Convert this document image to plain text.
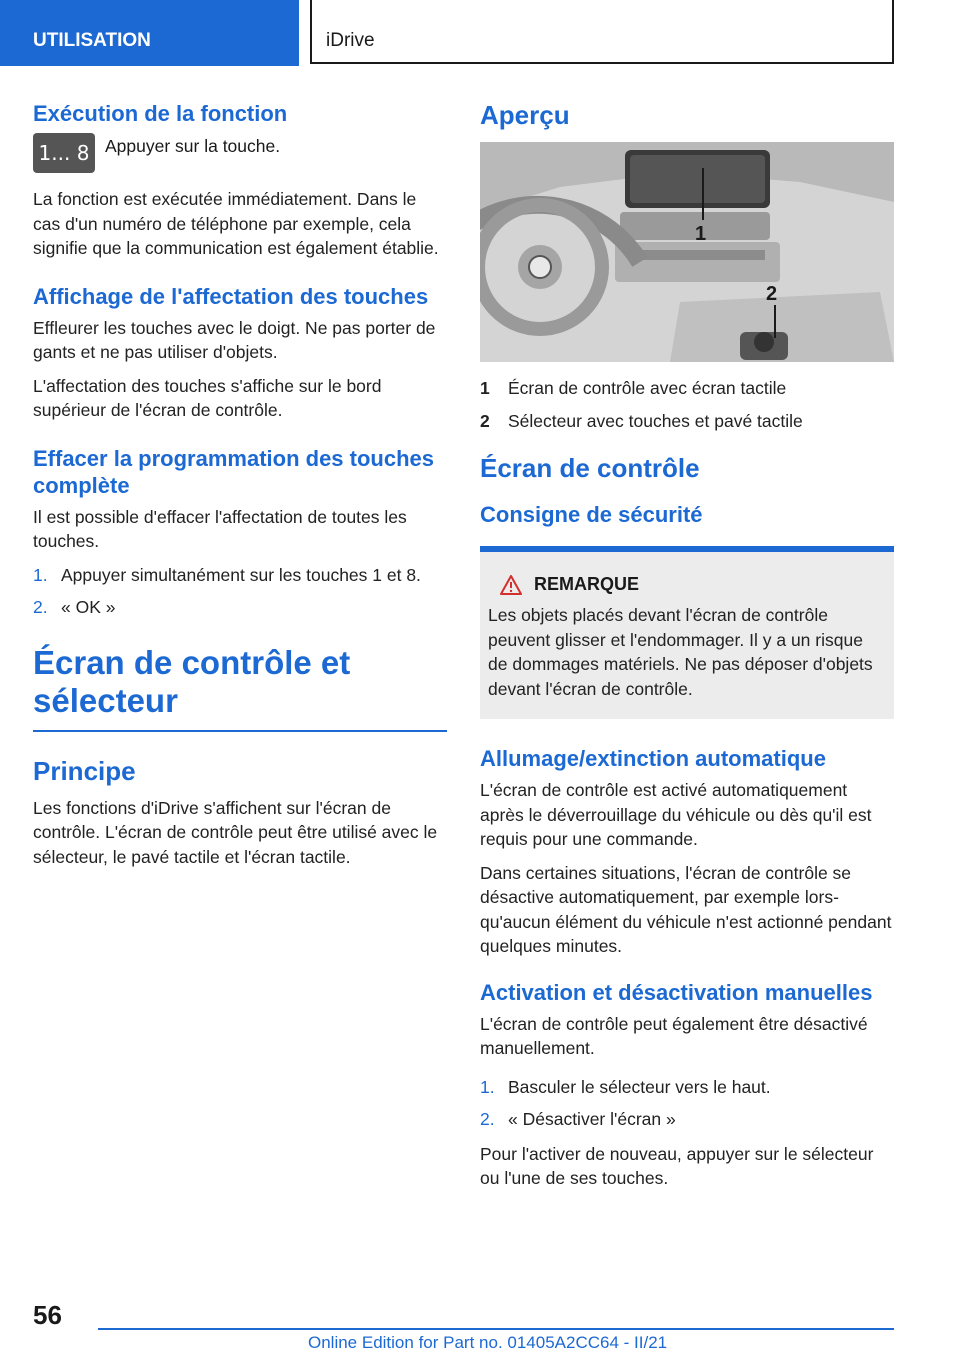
UTILISATION	iDrive
Exécution de la fonction
1... 8 Appuyer sur la touche.

La fonction est exécutée immédiatement. Dans le cas d'un numéro de téléphone par exemple, cela signifie que la communication est également établie.

Affichage de l'affectation des touches

Effleurer les touches avec le doigt. Ne pas porter de gants et ne pas utiliser d'objets.

L'affectation des touches s'affiche sur le bord supérieur de l'écran de contrôle.

Effacer la programmation des touches complète

Il est possible d'effacer l'affectation de toutes les touches.

1. Appuyer simultanément sur les touches 1 et 8.
2. « OK »
Écran de contrôle et sélecteur
Principe

Les fonctions d'iDrive s'affichent sur l'écran de contrôle. L'écran de contrôle peut être utilisé avec le sélecteur, le pavé tactile et l'écran tactile.

Aperçu
1
2
1	Écran de contrôle avec écran tactile
2	Sélecteur avec touches et pavé tactile
Écran de contrôle
Consigne de sécurité
REMARQUE

Les objets placés devant l'écran de contrôle peuvent glisser et l'endommager. Il y a un risque de dommages matériels. Ne pas déposer d'objets devant l'écran de contrôle.

Allumage/extinction automatique

L'écran de contrôle est activé automatiquement après le déverrouillage du véhicule ou dès qu'il est requis pour une commande.

Dans certaines situations, l'écran de contrôle se désactive automatiquement, par exemple lorsqu'aucun élément du véhicule n'est actionné pendant quelques minutes.

Activation et désactivation manuelles

L'écran de contrôle peut également être désactivé manuellement.

1. Basculer le sélecteur vers le haut.
2. « Désactiver l'écran »

Pour l'activer de nouveau, appuyer sur le sélecteur ou l'une de ses touches.

56
Online Edition for Part no. 01405A2CC64 - II/21
